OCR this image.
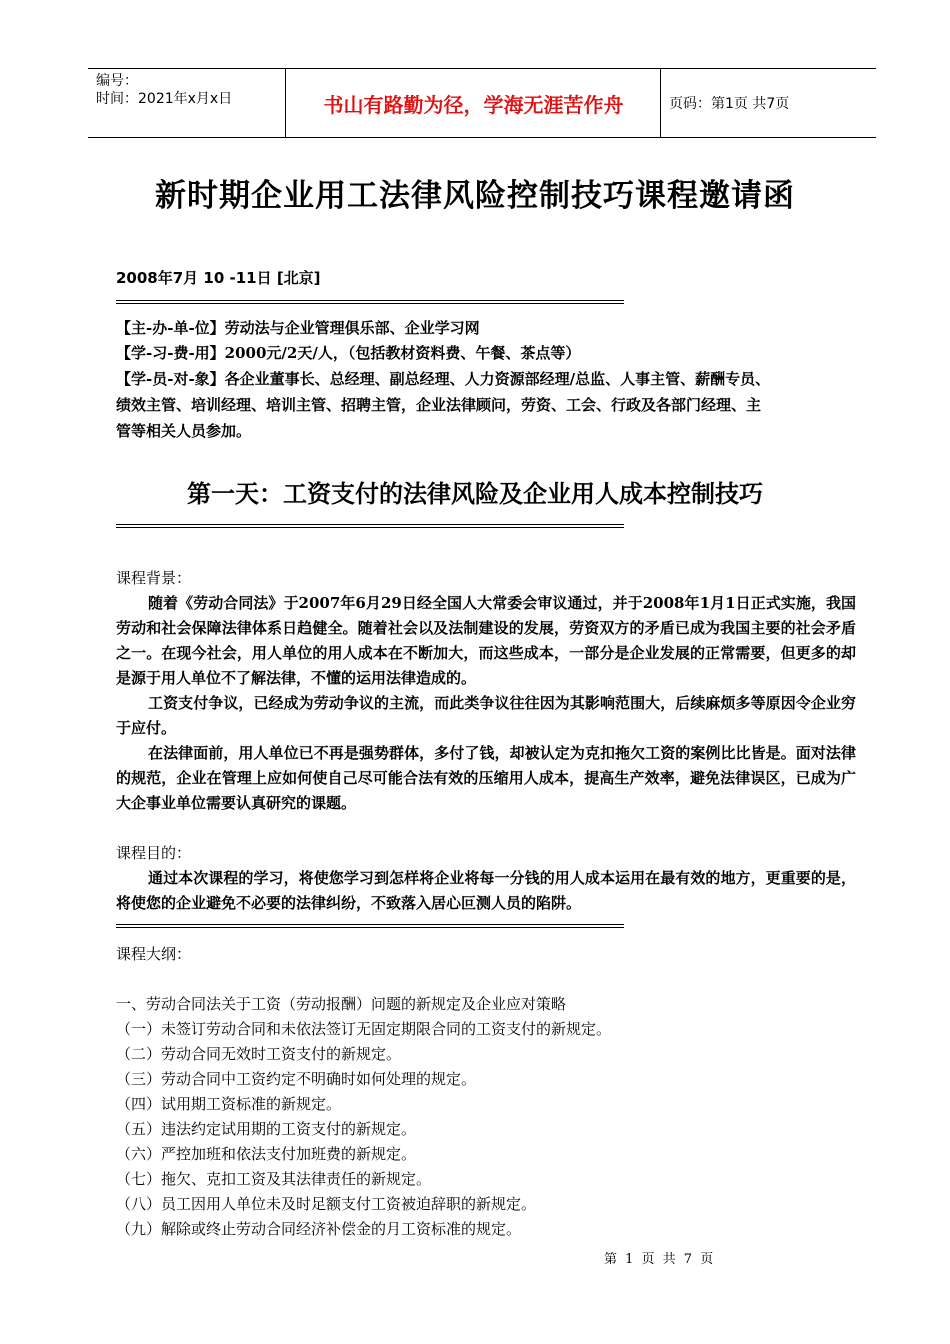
编号：
时间：2021年x月x日	书山有路勤为径，学海无涯苦作舟	页码：第1页 共7页
新时期企业用工法律风险控制技巧课程邀请函
2008年7月 10 -11日 [北京]
【主-办-单-位】劳动法与企业管理俱乐部、企业学习网
【学-习-费-用】2000元/2天/人，（包括教材资料费、午餐、茶点等）
【学-员-对-象】各企业董事长、总经理、副总经理、人力资源部经理/总监、人事主管、薪酬专员、
绩效主管、培训经理、培训主管、招聘主管，企业法律顾问，劳资、工会、行政及各部门经理、主
管等相关人员参加。
第一天：工资支付的法律风险及企业用人成本控制技巧
课程背景：
随着《劳动合同法》于2007年6月29日经全国人大常委会审议通过，并于2008年1月1日正式实施，我国劳动和社会保障法律体系日趋健全。随着社会以及法制建设的发展，劳资双方的矛盾已成为我国主要的社会矛盾之一。在现今社会，用人单位的用人成本在不断加大，而这些成本，一部分是企业发展的正常需要，但更多的却是源于用人单位不了解法律，不懂的运用法律造成的。
工资支付争议，已经成为劳动争议的主流，而此类争议往往因为其影响范围大，后续麻烦多等原因令企业穷于应付。
在法律面前，用人单位已不再是强势群体，多付了钱，却被认定为克扣拖欠工资的案例比比皆是。面对法律的规范，企业在管理上应如何使自己尽可能合法有效的压缩用人成本，提高生产效率，避免法律误区，已成为广大企事业单位需要认真研究的课题。
课程目的：
通过本次课程的学习，将使您学习到怎样将企业将每一分钱的用人成本运用在最有效的地方，更重要的是，将使您的企业避免不必要的法律纠纷，不致落入居心叵测人员的陷阱。
课程大纲：
一、劳动合同法关于工资（劳动报酬）问题的新规定及企业应对策略
（一）未签订劳动合同和未依法签订无固定期限合同的工资支付的新规定。
（二）劳动合同无效时工资支付的新规定。
（三）劳动合同中工资约定不明确时如何处理的规定。
（四）试用期工资标准的新规定。
（五）违法约定试用期的工资支付的新规定。
（六）严控加班和依法支付加班费的新规定。
（七）拖欠、克扣工资及其法律责任的新规定。
（八）员工因用人单位未及时足额支付工资被迫辞职的新规定。
（九）解除或终止劳动合同经济补偿金的月工资标准的规定。
第 1 页 共 7 页
